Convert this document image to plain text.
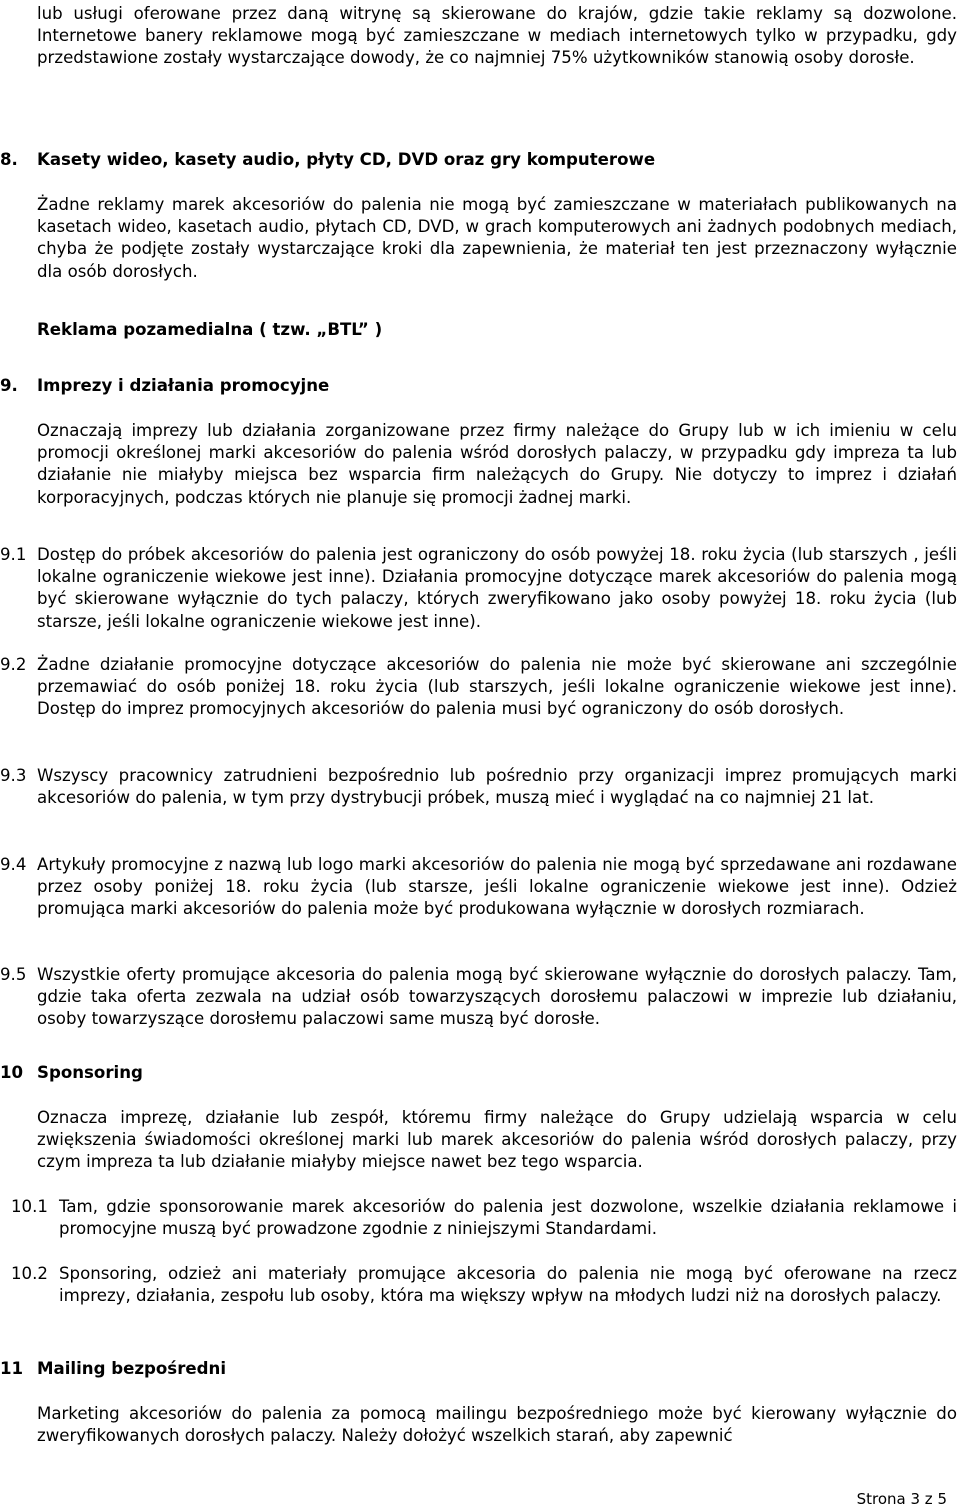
lub usługi oferowane przez daną witrynę są skierowane do krajów, gdzie takie reklamy są dozwolone. Internetowe banery reklamowe mogą być zamieszczane w mediach internetowych tylko w przypadku, gdy przedstawione zostały wystarczające dowody, że co najmniej 75% użytkowników stanowią osoby dorosłe.

8. Kasety wideo, kasety audio, płyty CD, DVD oraz gry komputerowe

Żadne reklamy marek akcesoriów do palenia nie mogą być zamieszczane w materiałach publikowanych na kasetach wideo, kasetach audio, płytach CD, DVD, w grach komputerowych ani żadnych podobnych mediach, chyba że podjęte zostały wystarczające kroki dla zapewnienia, że materiał ten jest przeznaczony wyłącznie dla osób dorosłych.

Reklama pozamedialna ( tzw. „BTL” )
9. Imprezy i działania promocyjne

Oznaczają imprezy lub działania zorganizowane przez firmy należące do Grupy lub w ich imieniu w celu promocji określonej marki akcesoriów do palenia wśród dorosłych palaczy, w przypadku gdy impreza ta lub działanie nie miałyby miejsca bez wsparcia firm należących do Grupy. Nie dotyczy to imprez i działań korporacyjnych, podczas których nie planuje się promocji żadnej marki.

9.1 Dostęp do próbek akcesoriów do palenia jest ograniczony do osób powyżej 18. roku życia (lub starszych , jeśli lokalne ograniczenie wiekowe jest inne). Działania promocyjne dotyczące marek akcesoriów do palenia mogą być skierowane wyłącznie do tych palaczy, których zweryfikowano jako osoby powyżej 18. roku życia (lub starsze, jeśli lokalne ograniczenie wiekowe jest inne).

9.2 Żadne działanie promocyjne dotyczące akcesoriów do palenia nie może być skierowane ani szczególnie przemawiać do osób poniżej 18. roku życia (lub starszych, jeśli lokalne ograniczenie wiekowe jest inne). Dostęp do imprez promocyjnych akcesoriów do palenia musi być ograniczony do osób dorosłych.

9.3 Wszyscy pracownicy zatrudnieni bezpośrednio lub pośrednio przy organizacji imprez promujących marki akcesoriów do palenia, w tym przy dystrybucji próbek, muszą mieć i wyglądać na co najmniej 21 lat.

9.4 Artykuły promocyjne z nazwą lub logo marki akcesoriów do palenia nie mogą być sprzedawane ani rozdawane przez osoby poniżej 18. roku życia (lub starsze, jeśli lokalne ograniczenie wiekowe jest inne). Odzież promująca marki akcesoriów do palenia może być produkowana wyłącznie w dorosłych rozmiarach.

9.5 Wszystkie oferty promujące akcesoria do palenia mogą być skierowane wyłącznie do dorosłych palaczy. Tam, gdzie taka oferta zezwala na udział osób towarzyszących dorosłemu palaczowi w imprezie lub działaniu, osoby towarzyszące dorosłemu palaczowi same muszą być dorosłe.

10 Sponsoring

Oznacza imprezę, działanie lub zespół, któremu firmy należące do Grupy udzielają wsparcia w celu zwiększenia świadomości określonej marki lub marek akcesoriów do palenia wśród dorosłych palaczy, przy czym impreza ta lub działanie miałyby miejsce nawet bez tego wsparcia.

10.1 Tam, gdzie sponsorowanie marek akcesoriów do palenia jest dozwolone, wszelkie działania reklamowe i promocyjne muszą być prowadzone zgodnie z niniejszymi Standardami.

10.2 Sponsoring, odzież ani materiały promujące akcesoria do palenia nie mogą być oferowane na rzecz imprezy, działania, zespołu lub osoby, która ma większy wpływ na młodych ludzi niż na dorosłych palaczy.

11 Mailing bezpośredni

Marketing akcesoriów do palenia za pomocą mailingu bezpośredniego może być kierowany wyłącznie do zweryfikowanych dorosłych palaczy. Należy dołożyć wszelkich starań, aby zapewnić

Strona 3 z 5
